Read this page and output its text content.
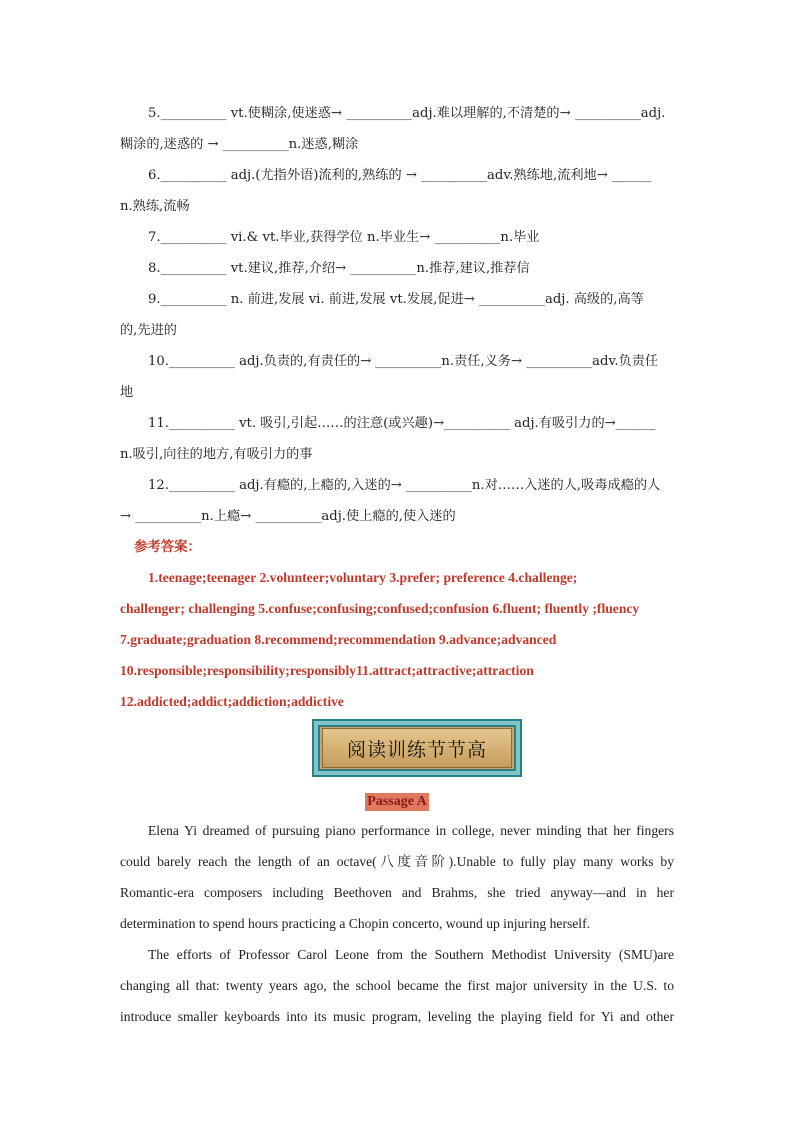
5.__________ vt.使糊涂,使迷惑→ __________adj.难以理解的,不清楚的→ __________adj.
糊涂的,迷惑的 → __________n.迷惑,糊涂
6.__________ adj.(尤指外语)流利的,熟练的 → __________adv.熟练地,流利地→ ______
n.熟练,流畅
7.__________ vi.& vt.毕业,获得学位 n.毕业生→ __________n.毕业
8.__________ vt.建议,推荐,介绍→ __________n.推荐,建议,推荐信
9.__________ n. 前进,发展 vi. 前进,发展 vt.发展,促进→ __________adj. 高级的,高等
的,先进的
10.__________ adj.负责的,有责任的→ __________n.责任,义务→ __________adv.负责任
地
11.__________ vt. 吸引,引起……的注意(或兴趣)→__________ adj.有吸引力的→______
n.吸引,向往的地方,有吸引力的事
12.__________ adj.有瘾的,上瘾的,入迷的→ __________n.对……入迷的人,吸毒成瘾的人
→ __________n.上瘾→ __________adj.使上瘾的,使入迷的
参考答案：
1.teenage;teenager 2.volunteer;voluntary 3.prefer; preference 4.challenge;
challenger; challenging 5.confuse;confusing;confused;confusion 6.fluent; fluently ;fluency
7.graduate;graduation 8.recommend;recommendation 9.advance;advanced
10.responsible;responsibility;responsibly11.attract;attractive;attraction
12.addicted;addict;addiction;addictive
阅读训练节节高
Passage A
Elena Yi dreamed of pursuing piano performance in college, never minding that her fingers
could barely reach the length of an octave(八度音阶).Unable to fully play many works by
Romantic-era composers including Beethoven and Brahms, she tried anyway—and in her
determination to spend hours practicing a Chopin concerto, wound up injuring herself.
The efforts of Professor Carol Leone from the Southern Methodist University (SMU)are
changing all that: twenty years ago, the school became the first major university in the U.S. to
introduce smaller keyboards into its music program, leveling the playing field for Yi and other
